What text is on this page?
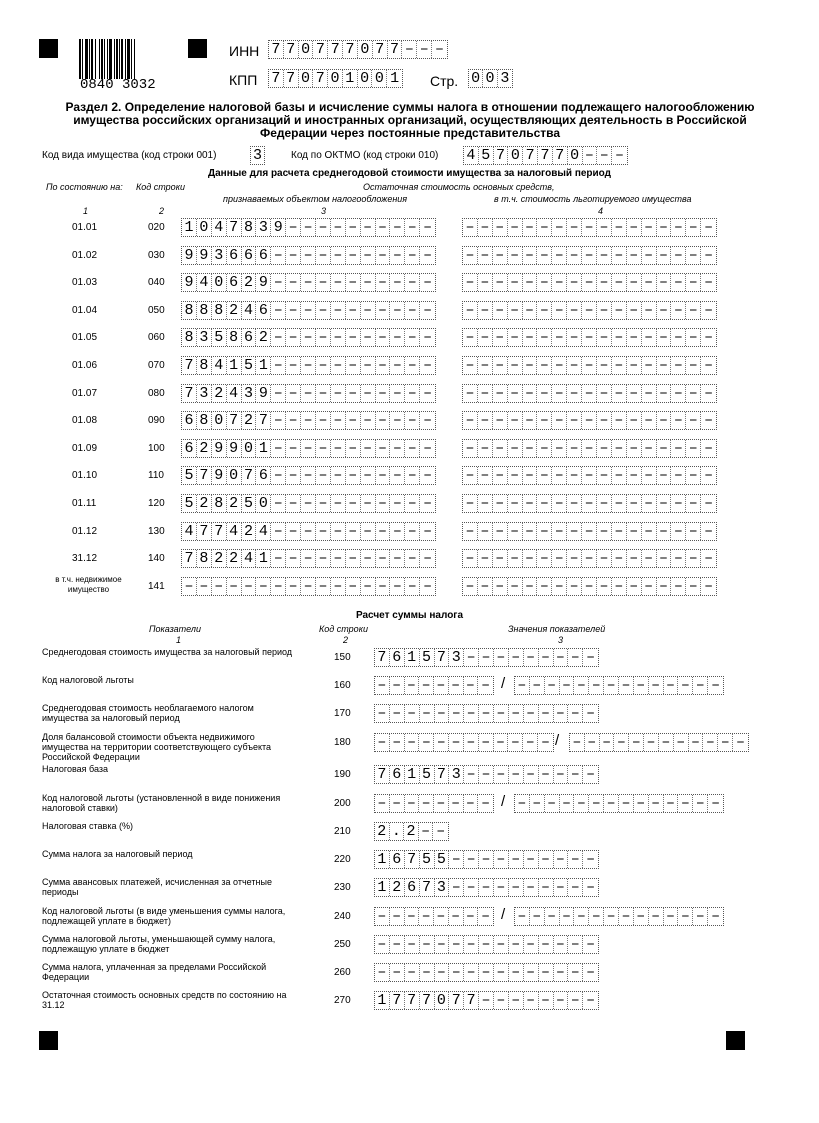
0840 3032
ИНН 7 7 0 7 7 7 0 7 7 – – –
КПП 7 7 0 7 0 1 0 0 1 Стр. 0 0 3
Раздел 2. Определение налоговой базы и исчисление суммы налога в отношении подлежащего налогообложению имущества российских организаций и иностранных организаций, осуществляющих деятельность в Российской Федерации через постоянные представительства
Код вида имущества (код строки 001) 3	Код по ОКТМО (код строки 010) 4 5 7 0 7 7 7 0 – – –
Данные для расчета среднегодовой стоимости имущества за налоговый период
По состоянию на: Код строки	Остаточная стоимость основных средств,
признаваемых объектом налогообложения	в т.ч. стоимость льготируемого имущества
1	2	3	4
01.01	020 1 0 4 7 8 3 9 – – – – – – – – – – – – – – – – – – – – – – – – – – –
01.02	030 9 9 3 6 6 6 – – – – – – – – – – – – – – – – – – – – – – – – – – – –
01.03	040 9 4 0 6 2 9 – – – – – – – – – – – – – – – – – – – – – – – – – – – –
01.04	050 8 8 8 2 4 6 – – – – – – – – – – – – – – – – – – – – – – – – – – – –
01.05	060 8 3 5 8 6 2 – – – – – – – – – – – – – – – – – – – – – – – – – – – –
01.06	070 7 8 4 1 5 1 – – – – – – – – – – – – – – – – – – – – – – – – – – – –
01.07	080 7 3 2 4 3 9 – – – – – – – – – – – – – – – – – – – – – – – – – – – –
01.08	090 6 8 0 7 2 7 – – – – – – – – – – – – – – – – – – – – – – – – – – – –
01.09	100 6 2 9 9 0 1 – – – – – – – – – – – – – – – – – – – – – – – – – – – –
01.10	110 5 7 9 0 7 6 – – – – – – – – – – – – – – – – – – – – – – – – – – – –
01.11	120 5 2 8 2 5 0 – – – – – – – – – – – – – – – – – – – – – – – – – – – –
01.12	130 4 7 7 4 2 4 – – – – – – – – – – – – – – – – – – – – – – – – – – – –
31.12	140 7 8 2 2 4 1 – – – – – – – – – – – – – – – – – – – – – – – – – – – –
в т.ч. недвижимое имущество	141 – – – – – – – – – – – – – – – – – – – – – – – – – – – – – – – – – –
Расчет суммы налога
Показатели	Код строки	Значения показателей
1	2	3
Среднегодовая стоимость имущества за налоговый период	150 7 6 1 5 7 3 – – – – – – – – –
Код налоговой льготы	160 – – – – – – – – / – – – – – – – – – – – – – –
Среднегодовая стоимость необлагаемого налогом имущества за налоговый период	170 – – – – – – – – – – – – – – –
Доля балансовой стоимости объекта недвижимого имущества на территории соответствующего субъекта Российской Федерации
180 – – – – – – – – – – – – / – – – – – – – – – – – –
Налоговая база	190 7 6 1 5 7 3 – – – – – – – – –
Код налоговой льготы (установленной в виде понижения налоговой ставки)	200 – – – – – – – – / – – – – – – – – – – – – – –
Налоговая ставка (%)	210 2 . 2 – –
Сумма налога за налоговый период	220 1 6 7 5 5 – – – – – – – – – –
Сумма авансовых платежей, исчисленная за отчетные периоды	230 1 2 6 7 3 – – – – – – – – – –
Код налоговой льготы (в виде уменьшения суммы налога, подлежащей уплате в бюджет)	240 – – – – – – – – / – – – – – – – – – – – – – –
Сумма налоговой льготы, уменьшающей сумму налога, подлежащую уплате в бюджет	250 – – – – – – – – – – – – – – –
Сумма налога, уплаченная за пределами Российской Федерации	260 – – – – – – – – – – – – – – –
Остаточная стоимость основных средств по состоянию на 31.12	270 1 7 7 7 0 7 7 – – – – – – – –
